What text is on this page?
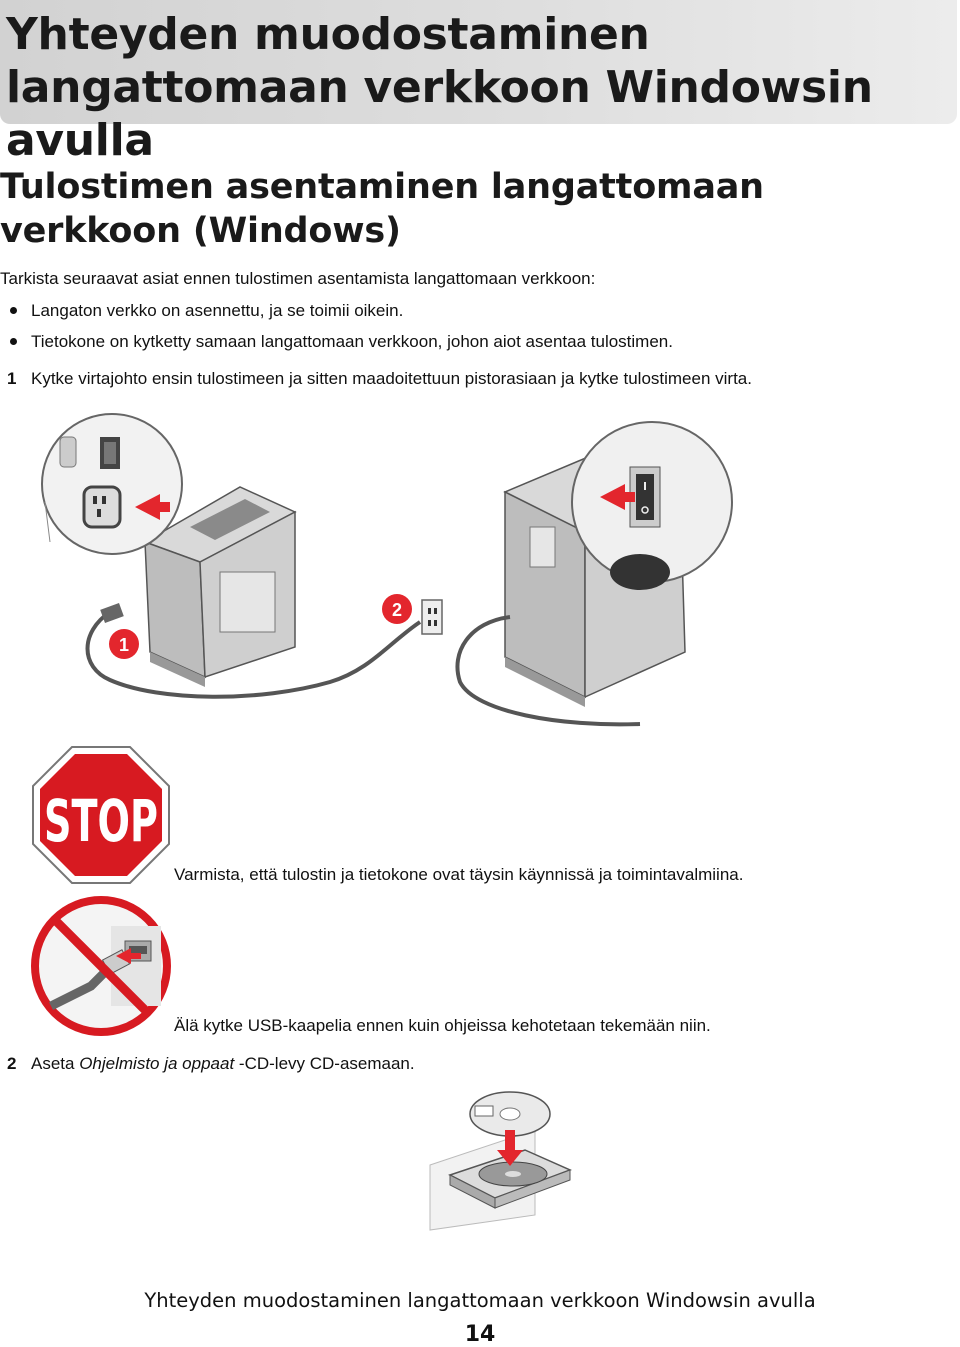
Yhteyden muodostaminen langattomaan verkkoon Windowsin avulla
Tulostimen asentaminen langattomaan verkkoon (Windows)
Tarkista seuraavat asiat ennen tulostimen asentamista langattomaan verkkoon:
Langaton verkko on asennettu, ja se toimii oikein.
Tietokone on kytketty samaan langattomaan verkkoon, johon aiot asentaa tulostimen.
1 Kytke virtajohto ensin tulostimeen ja sitten maadoitettuun pistorasiaan ja kytke tulostimeen virta.
1
2
STOP
Varmista, että tulostin ja tietokone ovat täysin käynnissä ja toimintavalmiina.
Älä kytke USB-kaapelia ennen kuin ohjeissa kehotetaan tekemään niin.
2 Aseta Ohjelmisto ja oppaat -CD-levy CD-asemaan.
Yhteyden muodostaminen langattomaan verkkoon Windowsin avulla
14
